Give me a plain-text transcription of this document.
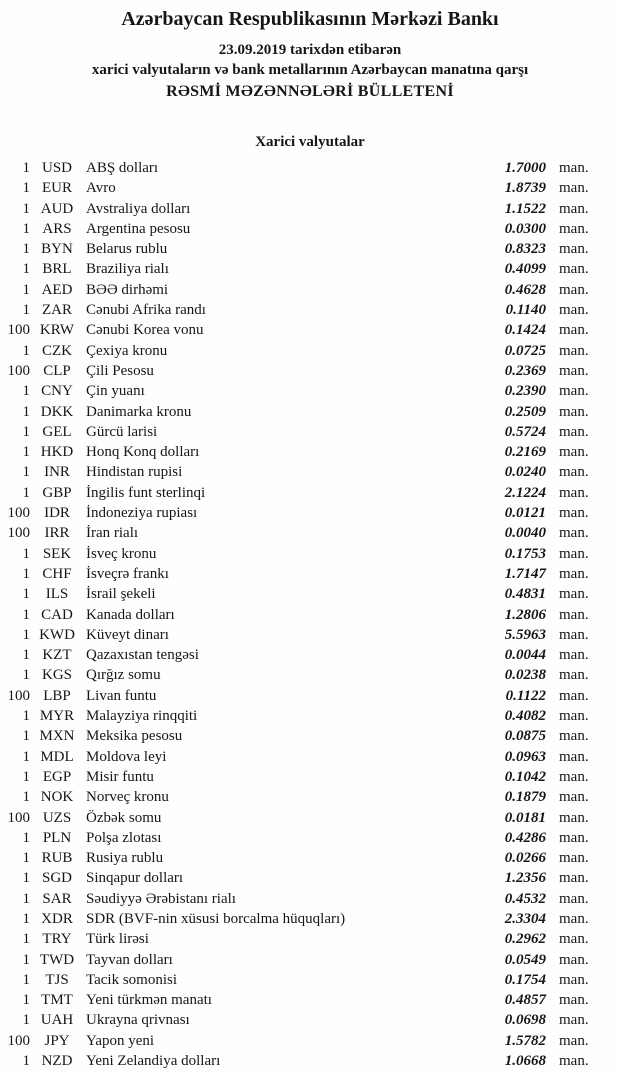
Azərbaycan Respublikasının Mərkəzi Bankı
23.09.2019 tarixdən etibarən
xarici valyutaların və bank metallarının Azərbaycan manatına qarşı
RƏSMİ MƏZƏNNƏLƏRİ BÜLLETENİ
Xarici valyutalar
1 USD ABŞ dolları	1.7000 man.
1 EUR Avro	1.8739 man.
1 AUD Avstraliya dolları	1.1522 man.
1 ARS Argentina pesosu	0.0300 man.
1 BYN Belarus rublu	0.8323 man.
1 BRL Braziliya rialı	0.4099 man.
1 AED BƏƏ dirhəmi	0.4628 man.
1 ZAR Cənubi Afrika randı	0.1140 man.
100 KRW Cənubi Korea vonu	0.1424 man.
1 CZK Çexiya kronu	0.0725 man.
100 CLP	Çili Pesosu	0.2369 man.
1 CNY Çin yuanı	0.2390 man.
1 DKK Danimarka kronu	0.2509 man.
1 GEL Gürcü larisi	0.5724 man.
1 HKD Honq Konq dolları	0.2169 man.
1 INR	Hindistan rupisi	0.0240 man.
1 GBP İngilis funt sterlinqi	2.1224 man.
100 IDR	İndoneziya rupiası	0.0121 man.
100 IRR	İran rialı	0.0040 man.
1 SEK İsveç kronu	0.1753 man.
1 CHF İsveçrə frankı	1.7147 man.
1	ILS	İsrail şekeli	0.4831 man.
1 CAD Kanada dolları	1.2806 man.
1 KWD Küveyt dinarı	5.5963 man.
1 KZT Qazaxıstan tengəsi	0.0044 man.
1 KGS Qırğız somu	0.0238 man.
100 LBP	Livan funtu	0.1122 man.
1 MYR Malayziya rinqqiti	0.4082 man.
1 MXN Meksika pesosu	0.0875 man.
1 MDL Moldova leyi	0.0963 man.
1 EGP Misir funtu	0.1042 man.
1 NOK Norveç kronu	0.1879 man.
100 UZS Özbək somu	0.0181 man.
1 PLN Polşa zlotası	0.4286 man.
1 RUB Rusiya rublu	0.0266 man.
1 SGD Sinqapur dolları	1.2356 man.
1 SAR Səudiyyə Ərəbistanı rialı	0.4532 man.
1 XDR SDR (BVF-nin xüsusi borcalma hüquqları)	2.3304 man.
1 TRY Türk lirəsi	0.2962 man.
1 TWD Tayvan dolları	0.0549 man.
1	TJS	Tacik somonisi	0.1754 man.
1 TMT Yeni türkmən manatı	0.4857 man.
1 UAH Ukrayna qrivnası	0.0698 man.
100 JPY	Yapon yeni	1.5782 man.
1 NZD Yeni Zelandiya dolları	1.0668 man.
